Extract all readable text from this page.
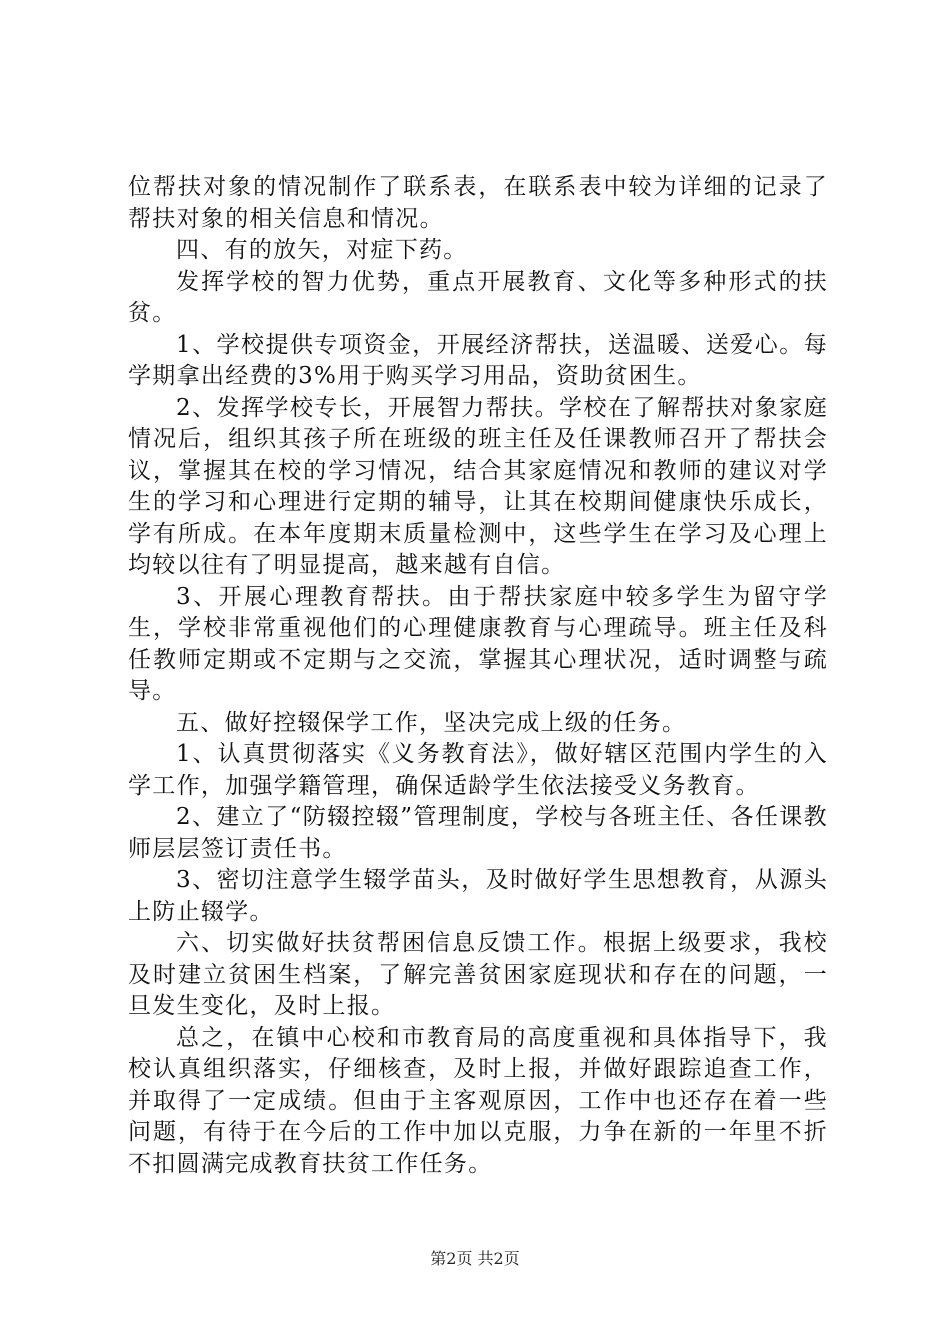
位帮扶对象的情况制作了联系表，在联系表中较为详细的记录了帮扶对象的相关信息和情况。

四、有的放矢，对症下药。

发挥学校的智力优势，重点开展教育、文化等多种形式的扶贫。

1、学校提供专项资金，开展经济帮扶，送温暖、送爱心。每学期拿出经费的3%用于购买学习用品，资助贫困生。

2、发挥学校专长，开展智力帮扶。学校在了解帮扶对象家庭情况后，组织其孩子所在班级的班主任及任课教师召开了帮扶会议，掌握其在校的学习情况，结合其家庭情况和教师的建议对学生的学习和心理进行定期的辅导，让其在校期间健康快乐成长，学有所成。在本年度期末质量检测中，这些学生在学习及心理上均较以往有了明显提高，越来越有自信。

3、开展心理教育帮扶。由于帮扶家庭中较多学生为留守学生，学校非常重视他们的心理健康教育与心理疏导。班主任及科任教师定期或不定期与之交流，掌握其心理状况，适时调整与疏导。

五、做好控辍保学工作，坚决完成上级的任务。

1、认真贯彻落实《义务教育法》，做好辖区范围内学生的入学工作，加强学籍管理，确保适龄学生依法接受义务教育。

2、建立了“防辍控辍”管理制度，学校与各班主任、各任课教师层层签订责任书。

3、密切注意学生辍学苗头，及时做好学生思想教育，从源头上防止辍学。

六、切实做好扶贫帮困信息反馈工作。根据上级要求，我校及时建立贫困生档案，了解完善贫困家庭现状和存在的问题，一旦发生变化，及时上报。

总之，在镇中心校和市教育局的高度重视和具体指导下，我校认真组织落实，仔细核查，及时上报，并做好跟踪追查工作，并取得了一定成绩。但由于主客观原因，工作中也还存在着一些问题，有待于在今后的工作中加以克服，力争在新的一年里不折不扣圆满完成教育扶贫工作任务。

第2页 共2页
